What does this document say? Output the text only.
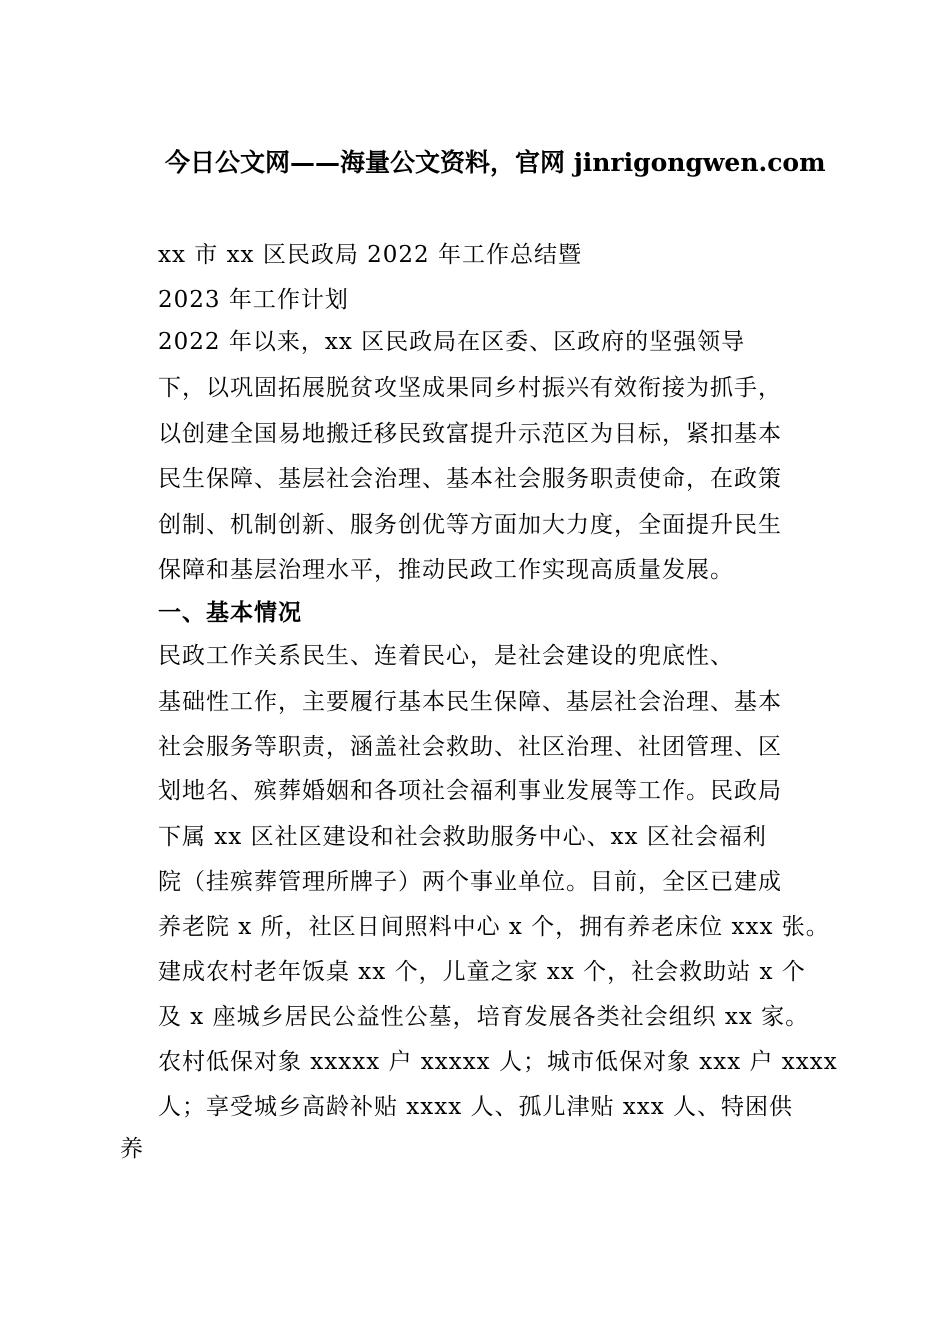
今日公文网——海量公文资料，官网 jinrigongwen.com
xx 市 xx 区民政局 2022 年工作总结暨
2023 年工作计划
2022 年以来，xx 区民政局在区委、区政府的坚强领导
下，以巩固拓展脱贫攻坚成果同乡村振兴有效衔接为抓手，
以创建全国易地搬迁移民致富提升示范区为目标，紧扣基本
民生保障、基层社会治理、基本社会服务职责使命，在政策
创制、机制创新、服务创优等方面加大力度，全面提升民生
保障和基层治理水平，推动民政工作实现高质量发展。
一、基本情况
民政工作关系民生、连着民心，是社会建设的兜底性、
基础性工作，主要履行基本民生保障、基层社会治理、基本
社会服务等职责，涵盖社会救助、社区治理、社团管理、区
划地名、殡葬婚姻和各项社会福利事业发展等工作。民政局
下属 xx 区社区建设和社会救助服务中心、xx 区社会福利
院（挂殡葬管理所牌子）两个事业单位。目前，全区已建成
养老院 x 所，社区日间照料中心 x 个，拥有养老床位 xxx 张。
建成农村老年饭桌 xx 个，儿童之家 xx 个，社会救助站 x 个
及 x 座城乡居民公益性公墓，培育发展各类社会组织 xx 家。
农村低保对象 xxxxx 户 xxxxx 人；城市低保对象 xxx 户 xxxx
人；享受城乡高龄补贴 xxxx 人、孤儿津贴 xxx 人、特困供
养
